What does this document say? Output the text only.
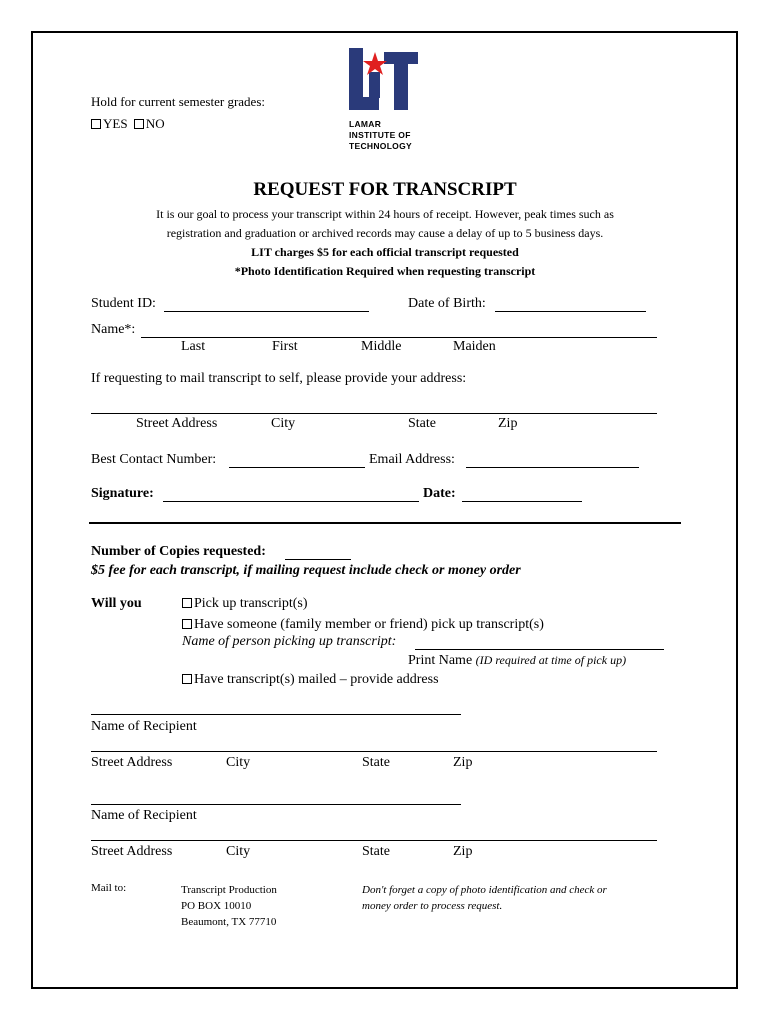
Hold for current semester grades:
YES NO	LAMAR
INSTITUTE OF
TECHNOLOGY
REQUEST FOR TRANSCRIPT
It is our goal to process your transcript within 24 hours of receipt. However, peak times such as
registration and graduation or archived records may cause a delay of up to 5 business days.
LIT charges $5 for each official transcript requested
*Photo Identification Required when requesting transcript
Student ID:	Date of Birth:
Name*:
Last	First	Middle	Maiden
If requesting to mail transcript to self, please provide your address:
Street Address	City	State	Zip
Best Contact Number:	Email Address:
Signature:	Date:
Number of Copies requested:
$5 fee for each transcript, if mailing request include check or money order
Will you	Pick up transcript(s)
Have someone (family member or friend) pick up transcript(s)
Name of person picking up transcript:
Print Name (ID required at time of pick up)
Have transcript(s) mailed – provide address
Name of Recipient
Street Address	City	State	Zip
Name of Recipient
Street Address	City	State	Zip
Mail to:	Transcript Production
PO BOX 10010
Beaumont, TX 77710
Don't forget a copy of photo identification and check or
money order to process request.
